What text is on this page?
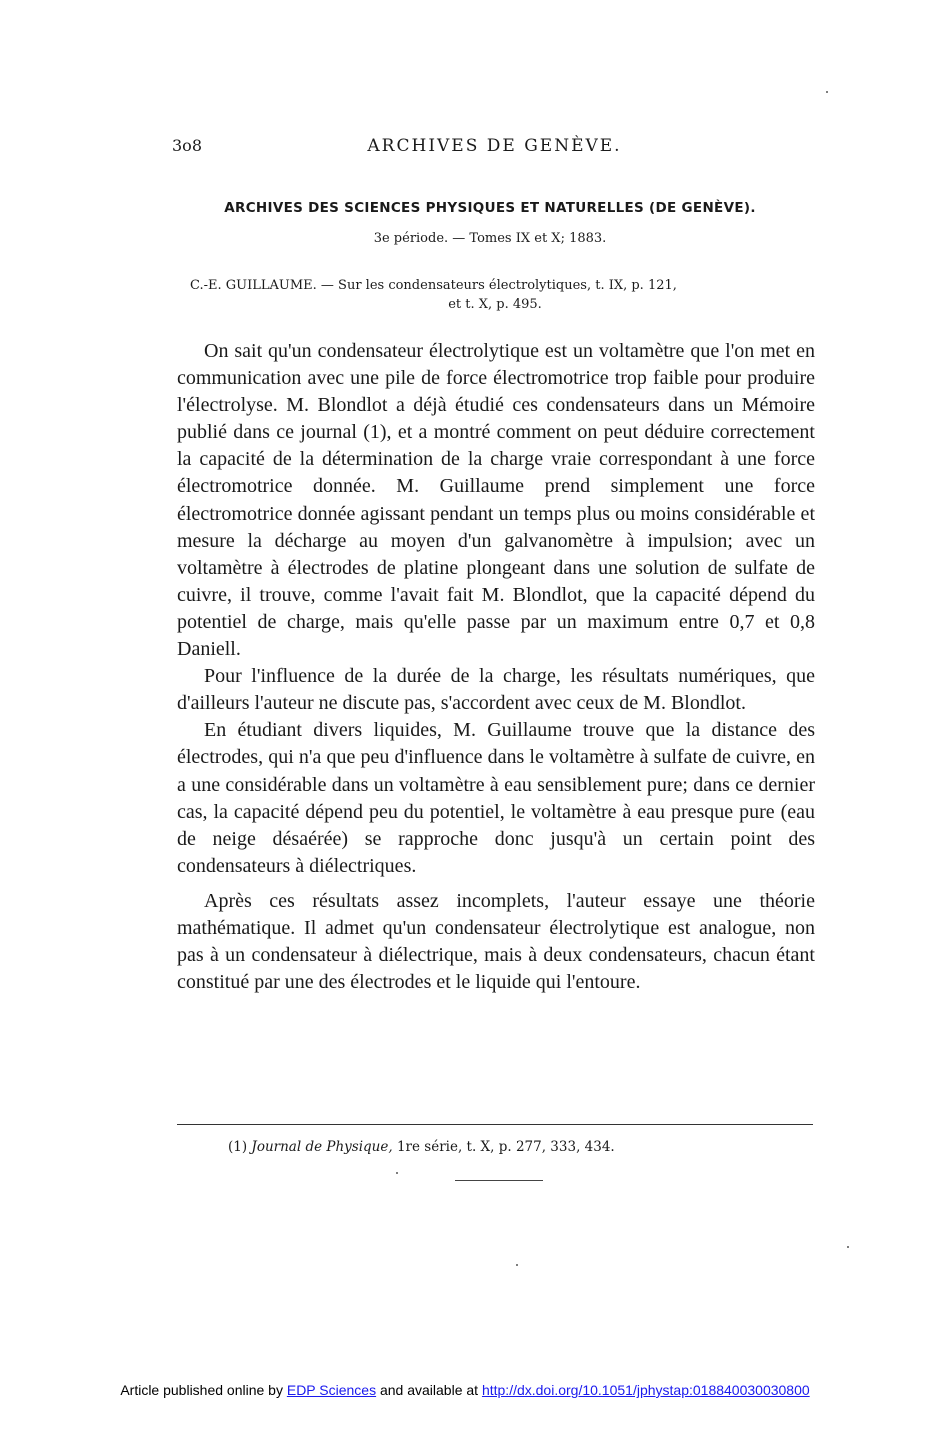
3o8	ARCHIVES DE GENÈVE.
ARCHIVES DES SCIENCES PHYSIQUES ET NATURELLES (DE GENÈVE).
3e période. — Tomes IX et X; 1883.
C.-E. GUILLAUME. — Sur les condensateurs électrolytiques, t. IX, p. 121,
et t. X, p. 495.

On sait qu'un condensateur électrolytique est un voltamètre que l'on met en communication avec une pile de force électromotrice trop faible pour produire l'électrolyse. M. Blondlot a déjà étudié ces condensateurs dans un Mémoire publié dans ce journal (1), et a montré comment on peut déduire correctement la capacité de la détermination de la charge vraie correspondant à une force électromotrice donnée. M. Guillaume prend simplement une force électromotrice donnée agissant pendant un temps plus ou moins considérable et mesure la décharge au moyen d'un galvanomètre à impulsion; avec un voltamètre à électrodes de platine plongeant dans une solution de sulfate de cuivre, il trouve, comme l'avait fait M. Blondlot, que la capacité dépend du potentiel de charge, mais qu'elle passe par un maximum entre 0,7 et 0,8 Daniell.

Pour l'influence de la durée de la charge, les résultats numériques, que d'ailleurs l'auteur ne discute pas, s'accordent avec ceux de M. Blondlot.

En étudiant divers liquides, M. Guillaume trouve que la distance des électrodes, qui n'a que peu d'influence dans le voltamètre à sulfate de cuivre, en a une considérable dans un voltamètre à eau sensiblement pure; dans ce dernier cas, la capacité dépend peu du potentiel, le voltamètre à eau presque pure (eau de neige désaérée) se rapproche donc jusqu'à un certain point des condensateurs à diélectriques.

Après ces résultats assez incomplets, l'auteur essaye une théorie mathématique. Il admet qu'un condensateur électrolytique est analogue, non pas à un condensateur à diélectrique, mais à deux condensateurs, chacun étant constitué par une des électrodes et le liquide qui l'entoure.

(1) Journal de Physique, 1re série, t. X, p. 277, 333, 434.
Article published online by EDP Sciences and available at http://dx.doi.org/10.1051/jphystap:018840030030800
